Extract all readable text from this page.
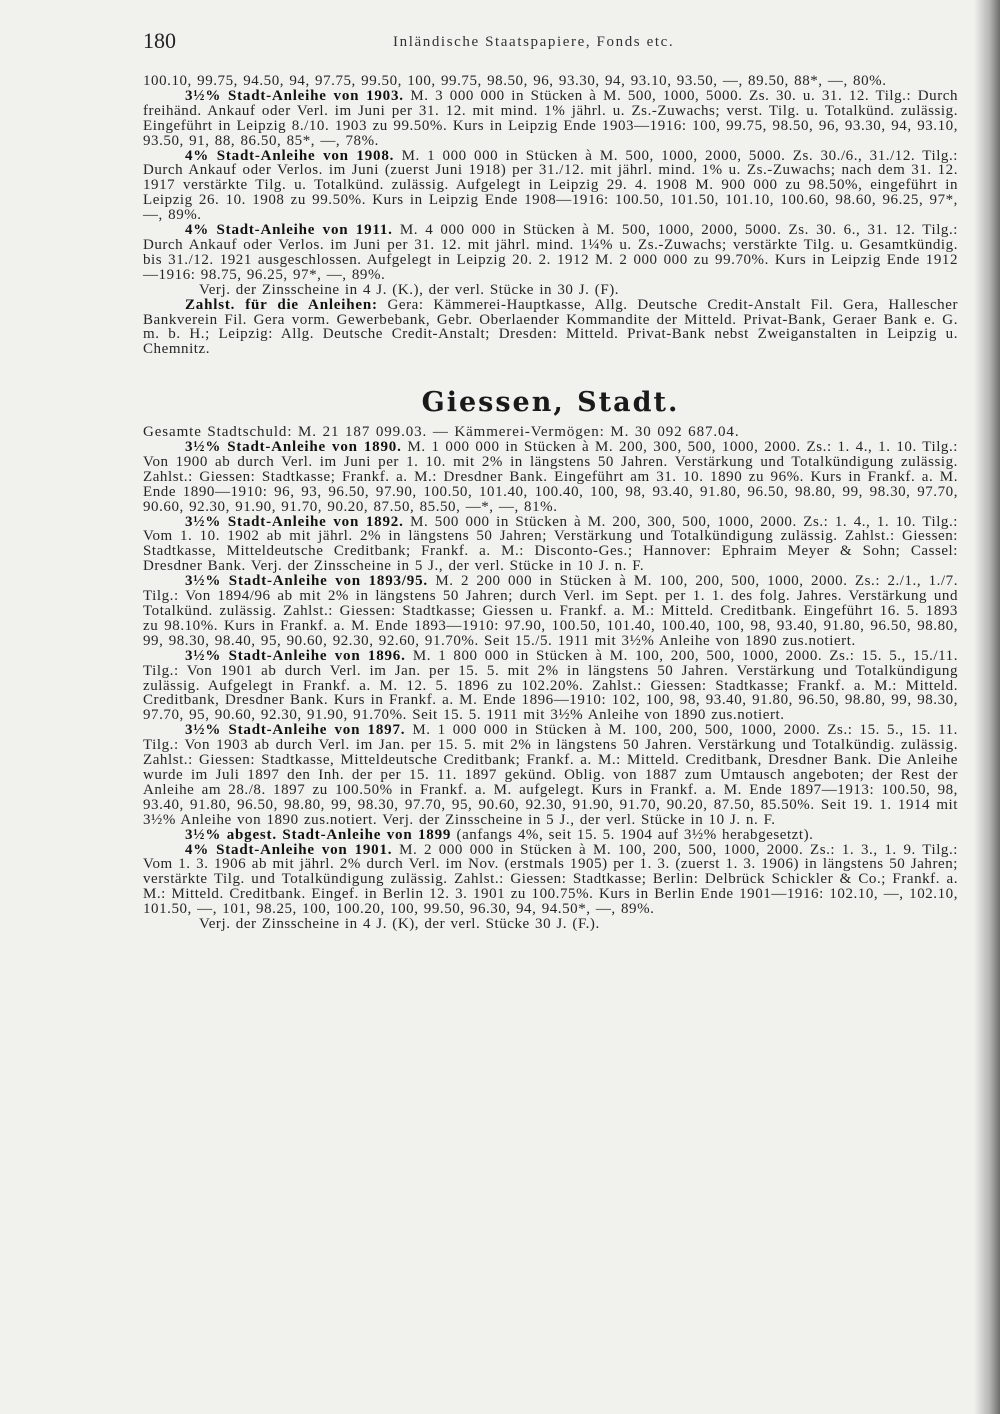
180	Inländische Staatspapiere, Fonds etc.

100.10, 99.75, 94.50, 94, 97.75, 99.50, 100, 99.75, 98.50, 96, 93.30, 94, 93.10, 93.50, —, 89.50, 88*, —, 80%.

3½% Stadt-Anleihe von 1903. M. 3 000 000 in Stücken à M. 500, 1000, 5000. Zs. 30. u. 31. 12. Tilg.: Durch freihänd. Ankauf oder Verl. im Juni per 31. 12. mit mind. 1% jährl. u. Zs.-Zuwachs; verst. Tilg. u. Totalkünd. zulässig. Eingeführt in Leipzig 8./10. 1903 zu 99.50%. Kurs in Leipzig Ende 1903—1916: 100, 99.75, 98.50, 96, 93.30, 94, 93.10, 93.50, 91, 88, 86.50, 85*, —, 78%.

4% Stadt-Anleihe von 1908. M. 1 000 000 in Stücken à M. 500, 1000, 2000, 5000. Zs. 30./6., 31./12. Tilg.: Durch Ankauf oder Verlos. im Juni (zuerst Juni 1918) per 31./12. mit jährl. mind. 1% u. Zs.-Zuwachs; nach dem 31. 12. 1917 verstärkte Tilg. u. Totalkünd. zulässig. Aufgelegt in Leipzig 29. 4. 1908 M. 900 000 zu 98.50%, eingeführt in Leipzig 26. 10. 1908 zu 99.50%. Kurs in Leipzig Ende 1908—1916: 100.50, 101.50, 101.10, 100.60, 98.60, 96.25, 97*, —, 89%.

4% Stadt-Anleihe von 1911. M. 4 000 000 in Stücken à M. 500, 1000, 2000, 5000. Zs. 30. 6., 31. 12. Tilg.: Durch Ankauf oder Verlos. im Juni per 31. 12. mit jährl. mind. 1¼% u. Zs.-Zuwachs; verstärkte Tilg. u. Gesamtkündig. bis 31./12. 1921 ausgeschlossen. Aufgelegt in Leipzig 20. 2. 1912 M. 2 000 000 zu 99.70%. Kurs in Leipzig Ende 1912—1916: 98.75, 96.25, 97*, —, 89%.

Verj. der Zinsscheine in 4 J. (K.), der verl. Stücke in 30 J. (F).

Zahlst. für die Anleihen: Gera: Kämmerei-Hauptkasse, Allg. Deutsche Credit-Anstalt Fil. Gera, Hallescher Bankverein Fil. Gera vorm. Gewerbebank, Gebr. Oberlaender Kommandite der Mitteld. Privat-Bank, Geraer Bank e. G. m. b. H.; Leipzig: Allg. Deutsche Credit-Anstalt; Dresden: Mitteld. Privat-Bank nebst Zweiganstalten in Leipzig u. Chemnitz.

Giessen, Stadt.

Gesamte Stadtschuld: M. 21 187 099.03. — Kämmerei-Vermögen: M. 30 092 687.04.

3½% Stadt-Anleihe von 1890. M. 1 000 000 in Stücken à M. 200, 300, 500, 1000, 2000. Zs.: 1. 4., 1. 10. Tilg.: Von 1900 ab durch Verl. im Juni per 1. 10. mit 2% in längstens 50 Jahren. Verstärkung und Totalkündigung zulässig. Zahlst.: Giessen: Stadtkasse; Frankf. a. M.: Dresdner Bank. Eingeführt am 31. 10. 1890 zu 96%. Kurs in Frankf. a. M. Ende 1890—1910: 96, 93, 96.50, 97.90, 100.50, 101.40, 100.40, 100, 98, 93.40, 91.80, 96.50, 98.80, 99, 98.30, 97.70, 90.60, 92.30, 91.90, 91.70, 90.20, 87.50, 85.50, —*, —, 81%.

3½% Stadt-Anleihe von 1892. M. 500 000 in Stücken à M. 200, 300, 500, 1000, 2000. Zs.: 1. 4., 1. 10. Tilg.: Vom 1. 10. 1902 ab mit jährl. 2% in längstens 50 Jahren; Verstärkung und Totalkündigung zulässig. Zahlst.: Giessen: Stadtkasse, Mitteldeutsche Creditbank; Frankf. a. M.: Disconto-Ges.; Hannover: Ephraim Meyer & Sohn; Cassel: Dresdner Bank. Verj. der Zinsscheine in 5 J., der verl. Stücke in 10 J. n. F.

3½% Stadt-Anleihe von 1893/95. M. 2 200 000 in Stücken à M. 100, 200, 500, 1000, 2000. Zs.: 2./1., 1./7. Tilg.: Von 1894/96 ab mit 2% in längstens 50 Jahren; durch Verl. im Sept. per 1. 1. des folg. Jahres. Verstärkung und Totalkünd. zulässig. Zahlst.: Giessen: Stadtkasse; Giessen u. Frankf. a. M.: Mitteld. Creditbank. Eingeführt 16. 5. 1893 zu 98.10%. Kurs in Frankf. a. M. Ende 1893—1910: 97.90, 100.50, 101.40, 100.40, 100, 98, 93.40, 91.80, 96.50, 98.80, 99, 98.30, 98.40, 95, 90.60, 92.30, 92.60, 91.70%. Seit 15./5. 1911 mit 3½% Anleihe von 1890 zus.notiert.

3½% Stadt-Anleihe von 1896. M. 1 800 000 in Stücken à M. 100, 200, 500, 1000, 2000. Zs.: 15. 5., 15./11. Tilg.: Von 1901 ab durch Verl. im Jan. per 15. 5. mit 2% in längstens 50 Jahren. Verstärkung und Totalkündigung zulässig. Aufgelegt in Frankf. a. M. 12. 5. 1896 zu 102.20%. Zahlst.: Giessen: Stadtkasse; Frankf. a. M.: Mitteld. Creditbank, Dresdner Bank. Kurs in Frankf. a. M. Ende 1896—1910: 102, 100, 98, 93.40, 91.80, 96.50, 98.80, 99, 98.30, 97.70, 95, 90.60, 92.30, 91.90, 91.70%. Seit 15. 5. 1911 mit 3½% Anleihe von 1890 zus.notiert.

3½% Stadt-Anleihe von 1897. M. 1 000 000 in Stücken à M. 100, 200, 500, 1000, 2000. Zs.: 15. 5., 15. 11. Tilg.: Von 1903 ab durch Verl. im Jan. per 15. 5. mit 2% in längstens 50 Jahren. Verstärkung und Totalkündig. zulässig. Zahlst.: Giessen: Stadtkasse, Mitteldeutsche Creditbank; Frankf. a. M.: Mitteld. Creditbank, Dresdner Bank. Die Anleihe wurde im Juli 1897 den Inh. der per 15. 11. 1897 gekünd. Oblig. von 1887 zum Umtausch angeboten; der Rest der Anleihe am 28./8. 1897 zu 100.50% in Frankf. a. M. aufgelegt. Kurs in Frankf. a. M. Ende 1897—1913: 100.50, 98, 93.40, 91.80, 96.50, 98.80, 99, 98.30, 97.70, 95, 90.60, 92.30, 91.90, 91.70, 90.20, 87.50, 85.50%. Seit 19. 1. 1914 mit 3½% Anleihe von 1890 zus.notiert. Verj. der Zinsscheine in 5 J., der verl. Stücke in 10 J. n. F.

3½% abgest. Stadt-Anleihe von 1899 (anfangs 4%, seit 15. 5. 1904 auf 3½% herabgesetzt).

4% Stadt-Anleihe von 1901. M. 2 000 000 in Stücken à M. 100, 200, 500, 1000, 2000. Zs.: 1. 3., 1. 9. Tilg.: Vom 1. 3. 1906 ab mit jährl. 2% durch Verl. im Nov. (erstmals 1905) per 1. 3. (zuerst 1. 3. 1906) in längstens 50 Jahren; verstärkte Tilg. und Totalkündigung zulässig. Zahlst.: Giessen: Stadtkasse; Berlin: Delbrück Schickler & Co.; Frankf. a. M.: Mitteld. Creditbank. Eingef. in Berlin 12. 3. 1901 zu 100.75%. Kurs in Berlin Ende 1901—1916: 102.10, —, 102.10, 101.50, —, 101, 98.25, 100, 100.20, 100, 99.50, 96.30, 94, 94.50*, —, 89%.

Verj. der Zinsscheine in 4 J. (K), der verl. Stücke 30 J. (F.).
